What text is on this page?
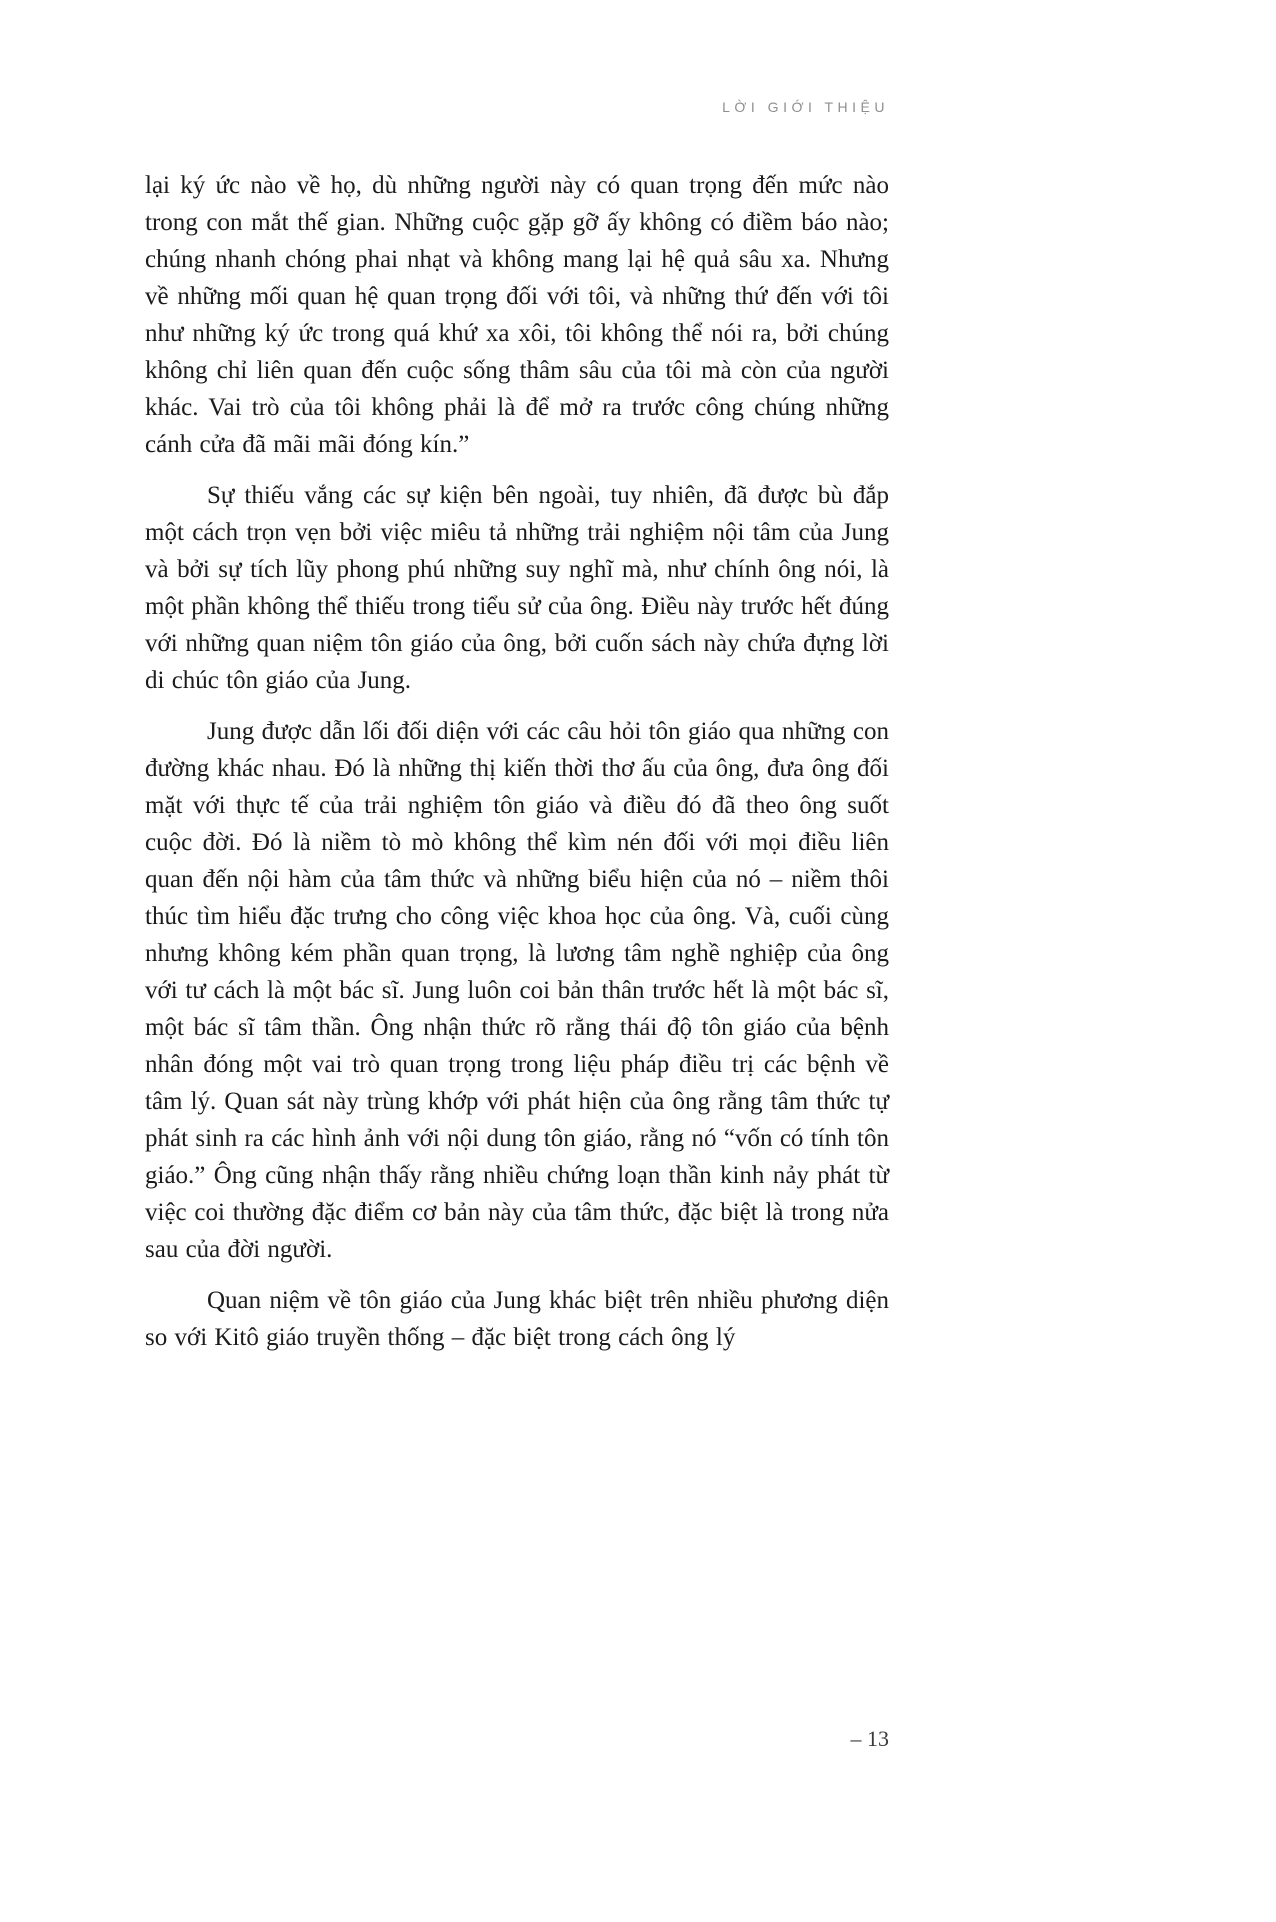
LỜI GIỚI THIỆU

lại ký ức nào về họ, dù những người này có quan trọng đến mức nào trong con mắt thế gian. Những cuộc gặp gỡ ấy không có điềm báo nào; chúng nhanh chóng phai nhạt và không mang lại hệ quả sâu xa. Nhưng về những mối quan hệ quan trọng đối với tôi, và những thứ đến với tôi như những ký ức trong quá khứ xa xôi, tôi không thể nói ra, bởi chúng không chỉ liên quan đến cuộc sống thâm sâu của tôi mà còn của người khác. Vai trò của tôi không phải là để mở ra trước công chúng những cánh cửa đã mãi mãi đóng kín.”

Sự thiếu vắng các sự kiện bên ngoài, tuy nhiên, đã được bù đắp một cách trọn vẹn bởi việc miêu tả những trải nghiệm nội tâm của Jung và bởi sự tích lũy phong phú những suy nghĩ mà, như chính ông nói, là một phần không thể thiếu trong tiểu sử của ông. Điều này trước hết đúng với những quan niệm tôn giáo của ông, bởi cuốn sách này chứa đựng lời di chúc tôn giáo của Jung.

Jung được dẫn lối đối diện với các câu hỏi tôn giáo qua những con đường khác nhau. Đó là những thị kiến thời thơ ấu của ông, đưa ông đối mặt với thực tế của trải nghiệm tôn giáo và điều đó đã theo ông suốt cuộc đời. Đó là niềm tò mò không thể kìm nén đối với mọi điều liên quan đến nội hàm của tâm thức và những biểu hiện của nó – niềm thôi thúc tìm hiểu đặc trưng cho công việc khoa học của ông. Và, cuối cùng nhưng không kém phần quan trọng, là lương tâm nghề nghiệp của ông với tư cách là một bác sĩ. Jung luôn coi bản thân trước hết là một bác sĩ, một bác sĩ tâm thần. Ông nhận thức rõ rằng thái độ tôn giáo của bệnh nhân đóng một vai trò quan trọng trong liệu pháp điều trị các bệnh về tâm lý. Quan sát này trùng khớp với phát hiện của ông rằng tâm thức tự phát sinh ra các hình ảnh với nội dung tôn giáo, rằng nó “vốn có tính tôn giáo.” Ông cũng nhận thấy rằng nhiều chứng loạn thần kinh nảy phát từ việc coi thường đặc điểm cơ bản này của tâm thức, đặc biệt là trong nửa sau của đời người.

Quan niệm về tôn giáo của Jung khác biệt trên nhiều phương diện so với Kitô giáo truyền thống – đặc biệt trong cách ông lý

– 13
